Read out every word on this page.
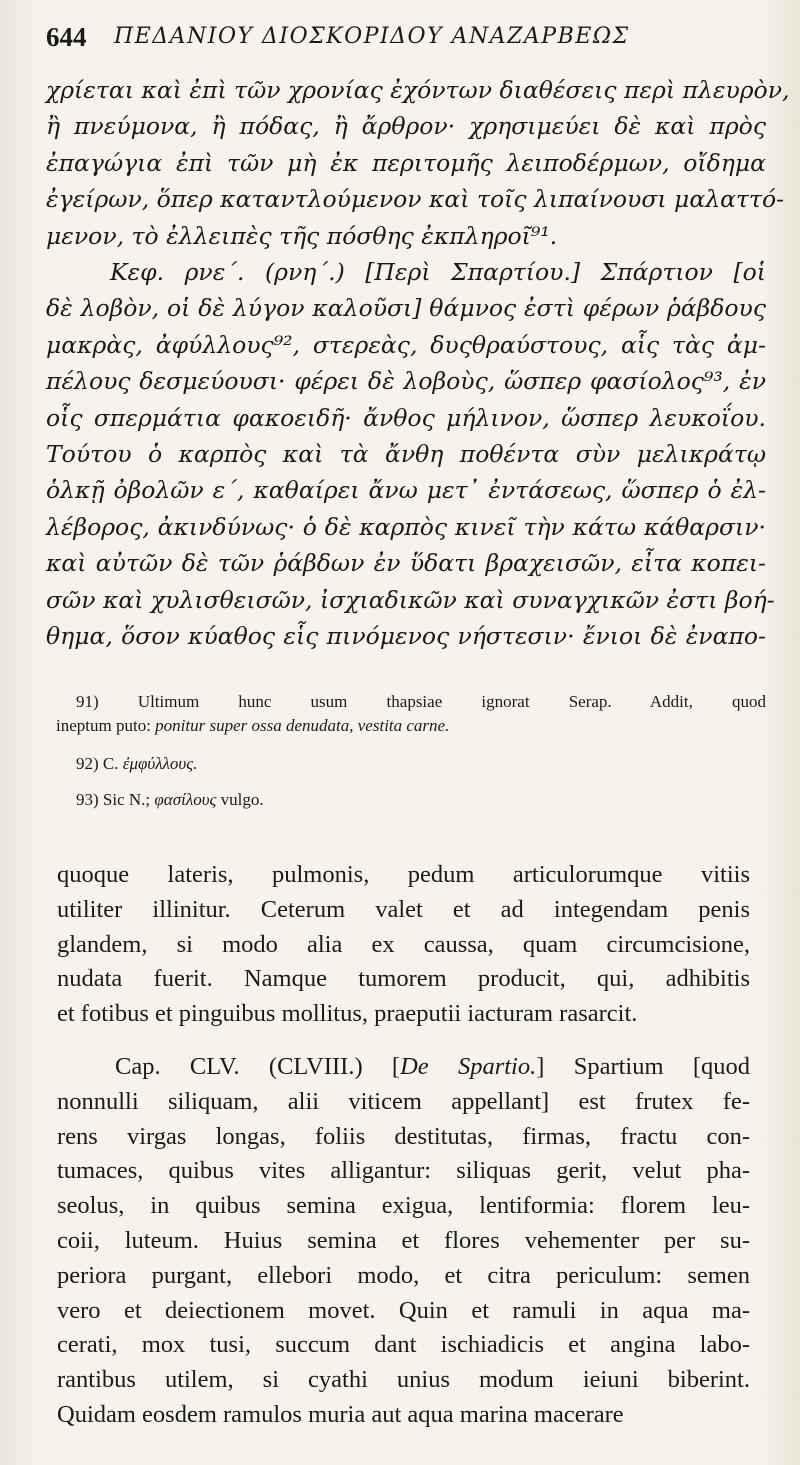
644 ΠΕΔΑΝΙΟΥ ΔΙΟΣΚΟΡΙΔΟΥ ΑΝΑΖΑΡΒΕΩΣ
χρίεται καὶ ἐπὶ τῶν χρονίας ἐχόντων διαθέσεις περὶ πλευρὸν,
ἢ πνεύμονα, ἢ πόδας, ἢ ἄρθρον· χρησιμεύει δὲ καὶ πρὸς
ἐπαγώγια ἐπὶ τῶν μὴ ἐκ περιτομῆς λειποδέρμων, οἴδημα
ἐγείρων, ὅπερ καταντλούμενον καὶ τοῖς λιπαίνουσι μαλαττό-
μενον, τὸ ἐλλειπὲς τῆς πόσθης ἐκπληροῖ⁹¹.
Κεφ. ρνε΄. (ρνη΄.) [Περὶ Σπαρτίου.] Σπάρτιον [οἱ
δὲ λοβὸν, οἱ δὲ λύγον καλοῦσι] θάμνος ἐστὶ φέρων ῥάβδους
μακρὰς, ἀφύλλους⁹², στερεὰς, δυςθραύστους, αἷς τὰς ἀμ-
πέλους δεσμεύουσι· φέρει δὲ λοβοὺς, ὥσπερ φασίολος⁹³, ἐν
οἷς σπερμάτια φακοειδῆ· ἄνθος μήλινον, ὥσπερ λευκοΐου.
Τούτου ὁ καρπὸς καὶ τὰ ἄνθη ποθέντα σὺν μελικράτῳ
ὁλκῇ ὀβολῶν ε΄, καθαίρει ἄνω μετ᾽ ἐντάσεως, ὥσπερ ὁ ἐλ-
λέβορος, ἀκινδύνως· ὁ δὲ καρπὸς κινεῖ τὴν κάτω κάθαρσιν·
καὶ αὐτῶν δὲ τῶν ῥάβδων ἐν ὕδατι βραχεισῶν, εἶτα κοπει-
σῶν καὶ χυλισθεισῶν, ἰσχιαδικῶν καὶ συναγχικῶν ἐστι βοή-
θημα, ὅσον κύαθος εἷς πινόμενος νήστεσιν· ἔνιοι δὲ ἐναπο-
91) Ultimum hunc usum thapsiae ignorat Serap. Addit, quod
ineptum puto: ponitur super ossa denudata, vestita carne.
92) C. ἐμφύλλους.
93) Sic N.; φασίλους vulgo.
quoque lateris, pulmonis, pedum articulorumque vitiis
utiliter illinitur. Ceterum valet et ad integendam penis
glandem, si modo alia ex caussa, quam circumcisione,
nudata fuerit. Namque tumorem producit, qui, adhibitis
et fotibus et pinguibus mollitus, praeputii iacturam rasarcit.
Cap. CLV. (CLVIII.) [De Spartio.] Spartium [quod
nonnulli siliquam, alii viticem appellant] est frutex fe-
rens virgas longas, foliis destitutas, firmas, fractu con-
tumaces, quibus vites alligantur: siliquas gerit, velut pha-
seolus, in quibus semina exigua, lentiformia: florem leu-
coii, luteum. Huius semina et flores vehementer per su-
periora purgant, ellebori modo, et citra periculum: semen
vero et deiectionem movet. Quin et ramuli in aqua ma-
cerati, mox tusi, succum dant ischiadicis et angina labo-
rantibus utilem, si cyathi unius modum ieiuni biberint.
Quidam eosdem ramulos muria aut aqua marina macerare
